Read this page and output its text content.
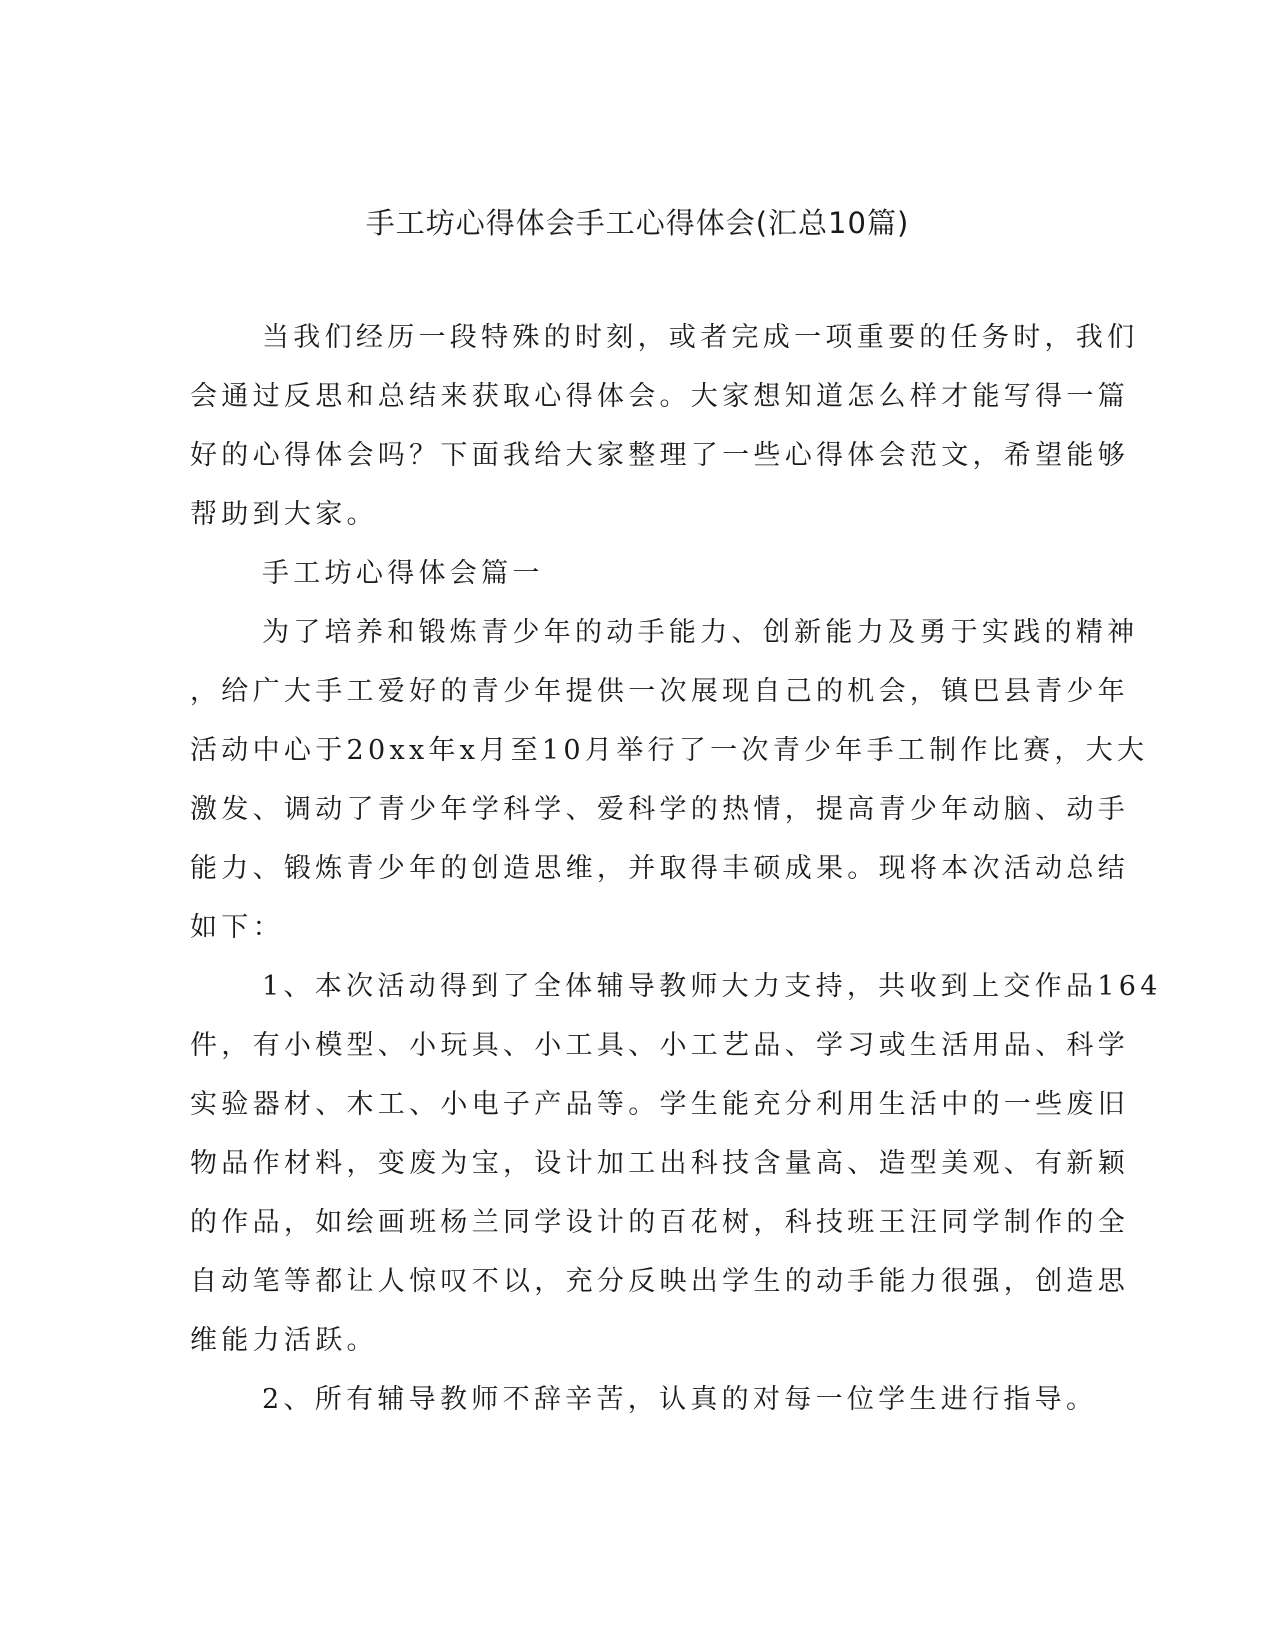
手工坊心得体会手工心得体会(汇总10篇)
当我们经历一段特殊的时刻，或者完成一项重要的任务时，我们
会通过反思和总结来获取心得体会。大家想知道怎么样才能写得一篇
好的心得体会吗？下面我给大家整理了一些心得体会范文，希望能够
帮助到大家。
手工坊心得体会篇一
为了培养和锻炼青少年的动手能力、创新能力及勇于实践的精神
，给广大手工爱好的青少年提供一次展现自己的机会，镇巴县青少年
活动中心于20xx年x月至10月举行了一次青少年手工制作比赛，大大
激发、调动了青少年学科学、爱科学的热情，提高青少年动脑、动手
能力、锻炼青少年的创造思维，并取得丰硕成果。现将本次活动总结
如下：
1、本次活动得到了全体辅导教师大力支持，共收到上交作品164
件，有小模型、小玩具、小工具、小工艺品、学习或生活用品、科学
实验器材、木工、小电子产品等。学生能充分利用生活中的一些废旧
物品作材料，变废为宝，设计加工出科技含量高、造型美观、有新颖
的作品，如绘画班杨兰同学设计的百花树，科技班王汪同学制作的全
自动笔等都让人惊叹不以，充分反映出学生的动手能力很强，创造思
维能力活跃。
2、所有辅导教师不辞辛苦，认真的对每一位学生进行指导。
